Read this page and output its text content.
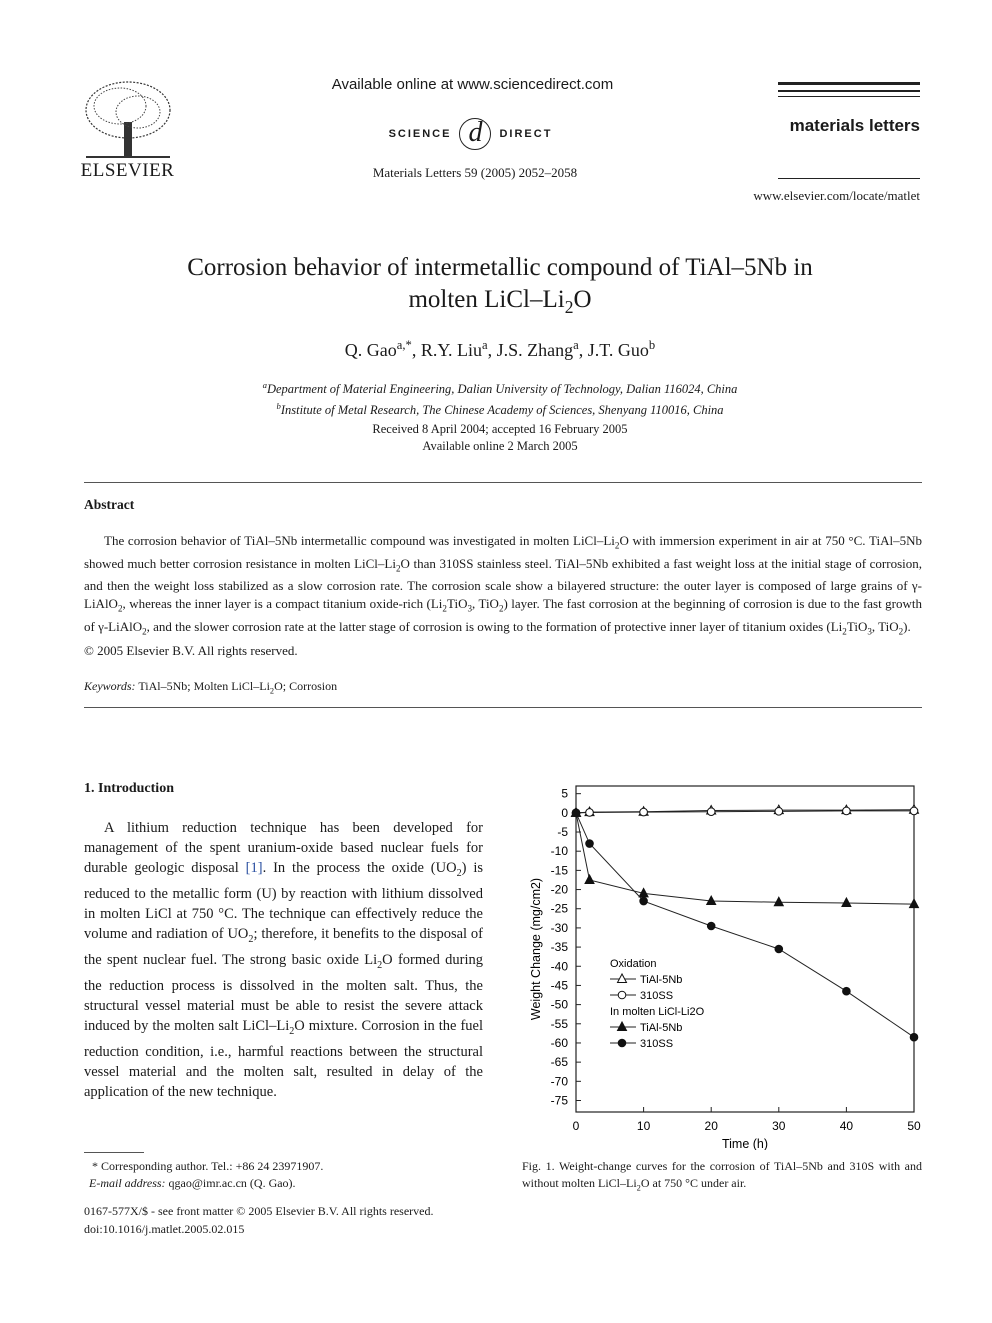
ELSEVIER
Available online at www.sciencedirect.com
SCIENCE d	DIRECT
Materials Letters 59 (2005) 2052–2058
materials letters
www.elsevier.com/locate/matlet
Corrosion behavior of intermetallic compound of TiAl–5Nb in
molten LiCl–$Li_2O$
Q. Gao$^{a,*}$, R.Y. Liu$^a$, J.S. Zhang$^a$, J.T. Guo$^b$
$^a$Department of Material Engineering, Dalian University of Technology, Dalian 116024, China
$^b$Institute of Metal Research, The Chinese Academy of Sciences, Shenyang 110016, China
Received 8 April 2004; accepted 16 February 2005
Available online 2 March 2005
Abstract
The corrosion behavior of TiAl–5Nb intermetallic compound was investigated in molten LiCl–$Li_2O$ with immersion experiment in air at 750 °C. TiAl–5Nb showed much better corrosion resistance in molten LiCl–$Li_2O$ than 310SS stainless steel. TiAl–5Nb exhibited a fast weight loss at the initial stage of corrosion, and then the weight loss stabilized as a slow corrosion rate. The corrosion scale show a bilayered structure: the outer layer is composed of large grains of γ-LiAlO$_2$, whereas the inner layer is a compact titanium oxide-rich ($Li_2TiO_3$, TiO$_2$) layer. The fast corrosion at the beginning of corrosion is due to the fast growth of γ-LiAlO$_2$, and the slower corrosion rate at the latter stage of corrosion is owing to the formation of protective inner layer of titanium oxides ($Li_2TiO_3$, TiO$_2$).
© 2005 Elsevier B.V. All rights reserved.
Keywords: TiAl–5Nb; Molten LiCl–$Li_2O$; Corrosion
1. Introduction
A lithium reduction technique has been developed for management of the spent uranium-oxide based nuclear fuels for durable geologic disposal [1]. In the process the oxide $(UO_2)$ is reduced to the metallic form (U) by reaction with lithium dissolved in molten LiCl at 750 °C. The technique can effectively reduce the volume and radiation of $UO_2$; therefore, it benefits to the disposal of the spent nuclear fuel. The strong basic oxide $Li_2O$ formed during the reduction process is dissolved in the molten salt. Thus, the structural vessel material must be able to resist the severe attack induced by the molten salt LiCl–$Li_2O$ mixture. Corrosion in the fuel reduction condition, i.e., harmful reactions between the structural vessel material and the molten salt, resulted in delay of the application of the new technique.
* Corresponding author. Tel.: +86 24 23971907.
E-mail address: qgao@imr.ac.cn (Q. Gao).
0167-577X/$ - see front matter © 2005 Elsevier B.V. All rights reserved.
doi:10.1016/j.matlet.2005.02.015
5
0
-5
-10
-15
-20
-25
-30
-35
-40
-45
-50
-55
-60
-65
-70
-75
0	10	20	30	40	50
Time (h)
Weight Change (mg/cm2)	Oxidation
TiAl-5Nb
310SS
In molten LiCl-Li2O
TiAl-5Nb
310SS
Fig. 1. Weight-change curves for the corrosion of TiAl–5Nb and 310S with and without molten LiCl–$Li_2O$ at 750 °C under air.
